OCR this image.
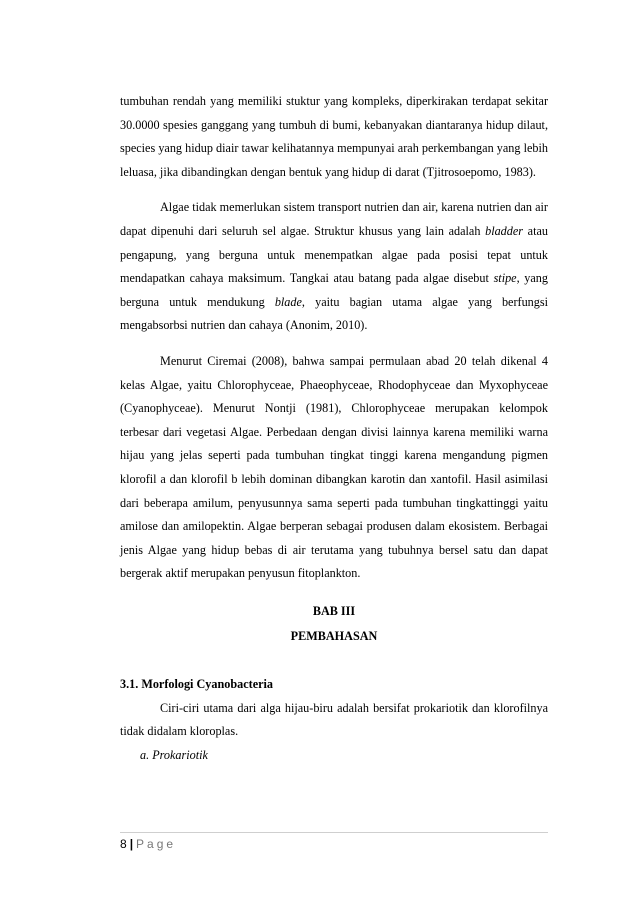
tumbuhan rendah yang memiliki stuktur yang kompleks, diperkirakan terdapat sekitar 30.0000 spesies ganggang yang tumbuh di bumi, kebanyakan diantaranya hidup dilaut, species yang hidup diair tawar kelihatannya mempunyai arah perkembangan yang lebih leluasa, jika dibandingkan dengan bentuk yang hidup di darat (Tjitrosoepomo, 1983).

Algae tidak memerlukan sistem transport nutrien dan air, karena nutrien dan air dapat dipenuhi dari seluruh sel algae. Struktur khusus yang lain adalah bladder atau pengapung, yang berguna untuk menempatkan algae pada posisi tepat untuk mendapatkan cahaya maksimum. Tangkai atau batang pada algae disebut stipe, yang berguna untuk mendukung blade, yaitu bagian utama algae yang berfungsi mengabsorbsi nutrien dan cahaya (Anonim, 2010).

Menurut Ciremai (2008), bahwa sampai permulaan abad 20 telah dikenal 4 kelas Algae, yaitu Chlorophyceae, Phaeophyceae, Rhodophyceae dan Myxophyceae (Cyanophyceae). Menurut Nontji (1981), Chlorophyceae merupakan kelompok terbesar dari vegetasi Algae. Perbedaan dengan divisi lainnya karena memiliki warna hijau yang jelas seperti pada tumbuhan tingkat tinggi karena mengandung pigmen klorofil a dan klorofil b lebih dominan dibangkan karotin dan xantofil. Hasil asimilasi dari beberapa amilum, penyusunnya sama seperti pada tumbuhan tingkattinggi yaitu amilose dan amilopektin. Algae berperan sebagai produsen dalam ekosistem. Berbagai jenis Algae yang hidup bebas di air terutama yang tubuhnya bersel satu dan dapat bergerak aktif merupakan penyusun fitoplankton.

BAB III

PEMBAHASAN

3.1. Morfologi Cyanobacteria

Ciri-ciri utama dari alga hijau-biru adalah bersifat prokariotik dan klorofilnya tidak didalam kloroplas.

a. Prokariotik

8 | Page
